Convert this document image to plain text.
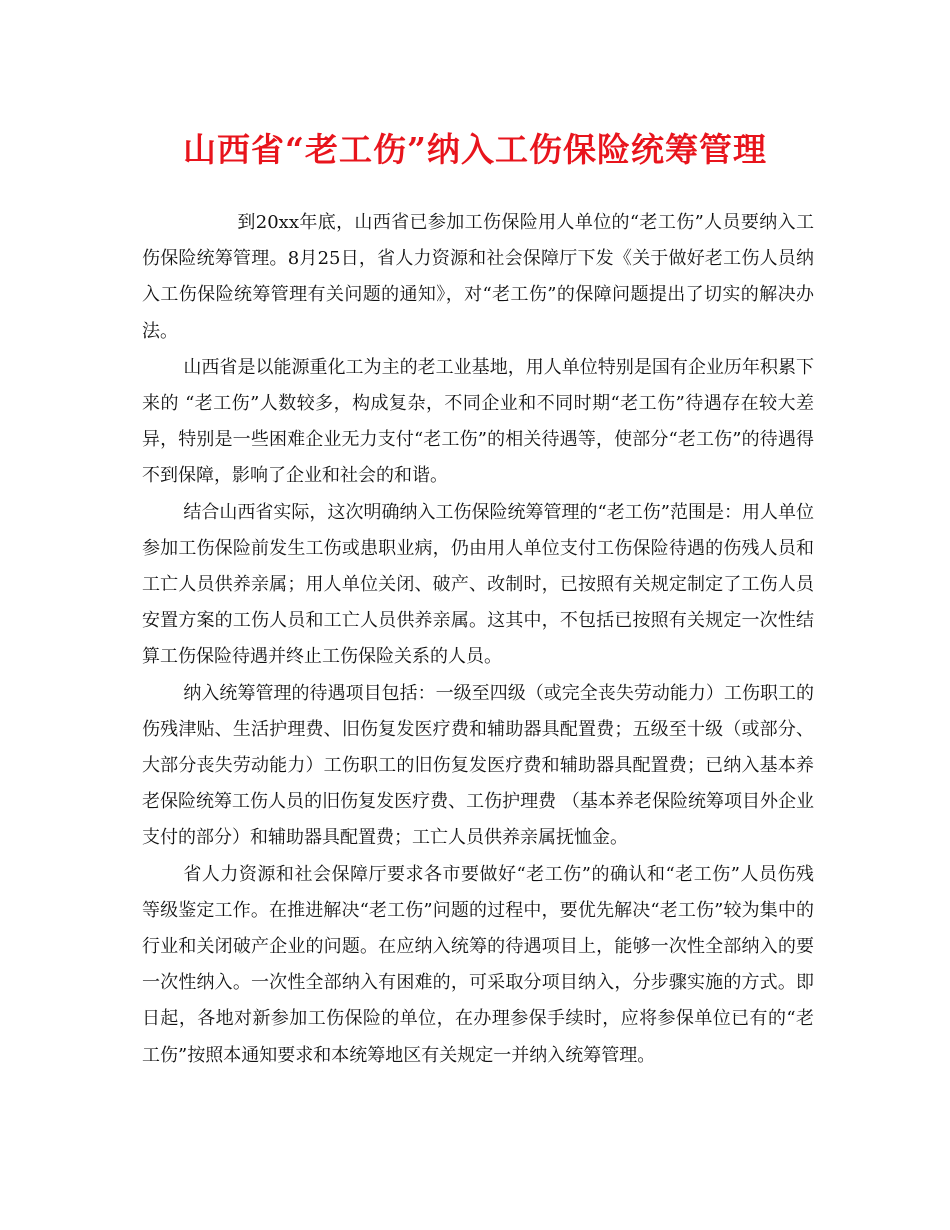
山西省“老工伤”纳入工伤保险统筹管理

到20xx年底，山西省已参加工伤保险用人单位的“老工伤”人员要纳入工伤保险统筹管理。8月25日，省人力资源和社会保障厅下发《关于做好老工伤人员纳入工伤保险统筹管理有关问题的通知》，对“老工伤”的保障问题提出了切实的解决办法。

山西省是以能源重化工为主的老工业基地，用人单位特别是国有企业历年积累下来的 “老工伤”人数较多，构成复杂，不同企业和不同时期“老工伤”待遇存在较大差异，特别是一些困难企业无力支付“老工伤”的相关待遇等，使部分“老工伤”的待遇得不到保障，影响了企业和社会的和谐。

结合山西省实际，这次明确纳入工伤保险统筹管理的“老工伤”范围是：用人单位参加工伤保险前发生工伤或患职业病，仍由用人单位支付工伤保险待遇的伤残人员和工亡人员供养亲属；用人单位关闭、破产、改制时，已按照有关规定制定了工伤人员安置方案的工伤人员和工亡人员供养亲属。这其中，不包括已按照有关规定一次性结算工伤保险待遇并终止工伤保险关系的人员。

纳入统筹管理的待遇项目包括：一级至四级（或完全丧失劳动能力）工伤职工的伤残津贴、生活护理费、旧伤复发医疗费和辅助器具配置费；五级至十级（或部分、大部分丧失劳动能力）工伤职工的旧伤复发医疗费和辅助器具配置费；已纳入基本养老保险统筹工伤人员的旧伤复发医疗费、工伤护理费 （基本养老保险统筹项目外企业支付的部分）和辅助器具配置费；工亡人员供养亲属抚恤金。

省人力资源和社会保障厅要求各市要做好“老工伤”的确认和“老工伤”人员伤残等级鉴定工作。在推进解决“老工伤”问题的过程中，要优先解决“老工伤”较为集中的行业和关闭破产企业的问题。在应纳入统筹的待遇项目上，能够一次性全部纳入的要一次性纳入。一次性全部纳入有困难的，可采取分项目纳入，分步骤实施的方式。即日起，各地对新参加工伤保险的单位，在办理参保手续时，应将参保单位已有的“老工伤”按照本通知要求和本统筹地区有关规定一并纳入统筹管理。
